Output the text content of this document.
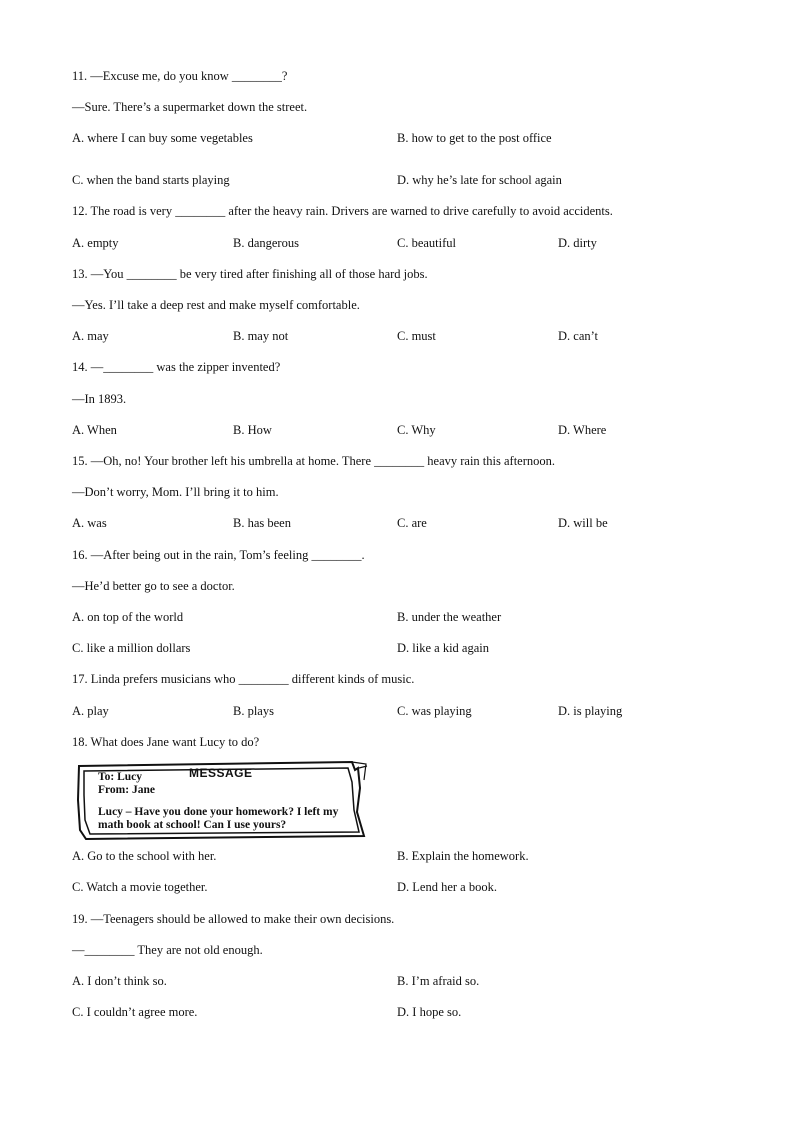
11. —Excuse me, do you know ________?
—Sure. There’s a supermarket down the street.
A. where I can buy some vegetables	B. how to get to the post office
C. when the band starts playing	D. why he’s late for school again
12. The road is very ________ after the heavy rain. Drivers are warned to drive carefully to avoid accidents.
A. empty	B. dangerous	C. beautiful	D. dirty
13. —You ________ be very tired after finishing all of those hard jobs.
—Yes. I’ll take a deep rest and make myself comfortable.
A. may	B. may not	C. must	D. can’t
14. —________ was the zipper invented?
—In 1893.
A. When	B. How	C. Why	D. Where
15. —Oh, no! Your brother left his umbrella at home. There ________ heavy rain this afternoon.
—Don’t worry, Mom. I’ll bring it to him.
A. was	B. has been	C. are	D. will be
16. —After being out in the rain, Tom’s feeling ________.
—He’d better go to see a doctor.
A. on top of the world	B. under the weather
C. like a million dollars	D. like a kid again
17. Linda prefers musicians who ________ different kinds of music.
A. play	B. plays	C. was playing	D. is playing
18. What does Jane want Lucy to do?
MESSAGE
To: Lucy
From: Jane
Lucy – Have you done your homework? I left my math book at school! Can I use yours?
A. Go to the school with her.	B. Explain the homework.
C. Watch a movie together.	D. Lend her a book.
19. —Teenagers should be allowed to make their own decisions.
—________ They are not old enough.
A. I don’t think so.	B. I’m afraid so.
C. I couldn’t agree more.	D. I hope so.
